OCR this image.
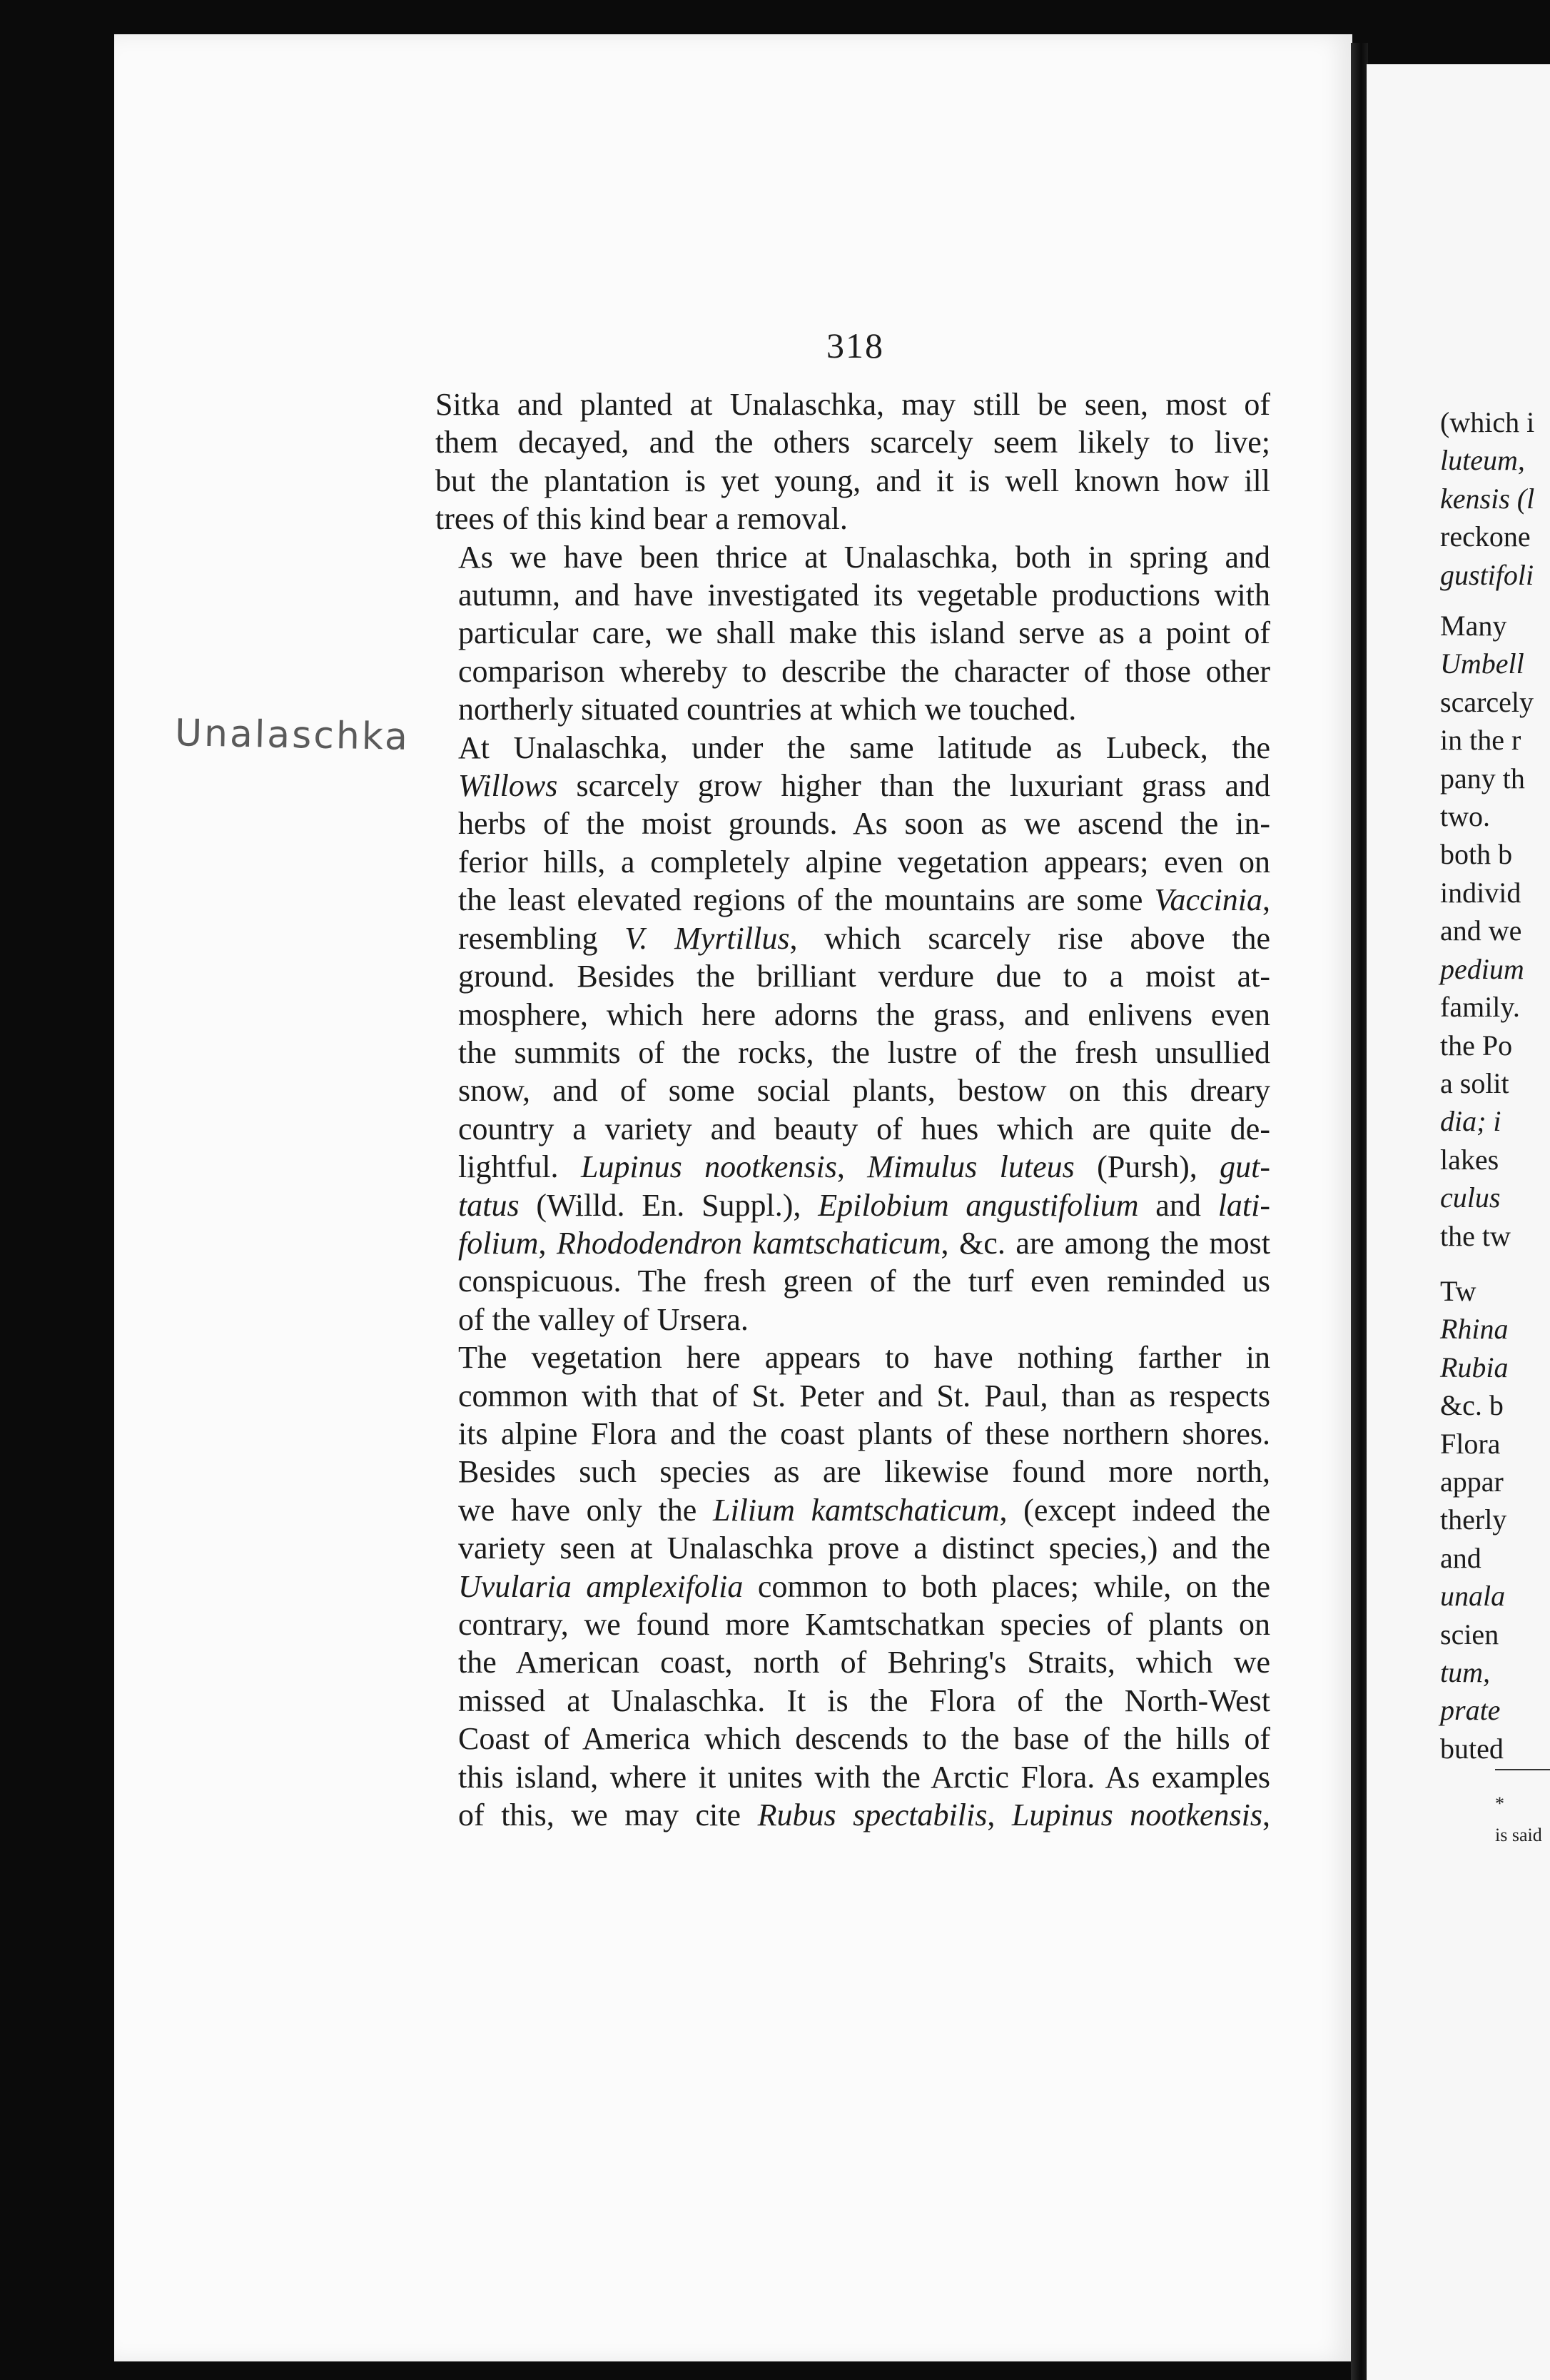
318
Unalaschka

Sitka and planted at Unalaschka, may still be seen, most of
them decayed, and the others scarcely seem likely to live;
but the plantation is yet young, and it is well known how ill
trees of this kind bear a removal.

As we have been thrice at Unalaschka, both in spring and
autumn, and have investigated its vegetable productions with
particular care, we shall make this island serve as a point of
comparison whereby to describe the character of those other
northerly situated countries at which we touched.

At Unalaschka, under the same latitude as Lubeck, the
Willows scarcely grow higher than the luxuriant grass and
herbs of the moist grounds. As soon as we ascend the in-
ferior hills, a completely alpine vegetation appears; even on
the least elevated regions of the mountains are some Vaccinia,
resembling V. Myrtillus, which scarcely rise above the
ground. Besides the brilliant verdure due to a moist at-
mosphere, which here adorns the grass, and enlivens even
the summits of the rocks, the lustre of the fresh unsullied
snow, and of some social plants, bestow on this dreary
country a variety and beauty of hues which are quite de-
lightful. Lupinus nootkensis, Mimulus luteus (Pursh), gut-
tatus (Willd. En. Suppl.), Epilobium angustifolium and lati-
folium, Rhododendron kamtschaticum, &c. are among the most
conspicuous. The fresh green of the turf even reminded us
of the valley of Ursera.

The vegetation here appears to have nothing farther in
common with that of St. Peter and St. Paul, than as respects
its alpine Flora and the coast plants of these northern shores.
Besides such species as are likewise found more north,
we have only the Lilium kamtschaticum, (except indeed the
variety seen at Unalaschka prove a distinct species,) and the
Uvularia amplexifolia common to both places; while, on the
contrary, we found more Kamtschatkan species of plants on
the American coast, north of Behring's Straits, which we
missed at Unalaschka. It is the Flora of the North-West
Coast of America which descends to the base of the hills of
this island, where it unites with the Arctic Flora. As examples
of this, we may cite Rubus spectabilis, Lupinus nootkensis,

(which i
luteum,
kensis (l
reckone
gustifoli
Many
Umbell
scarcely
in the r
pany th
two.
both b
individ
and we
pedium
family.
the Po
a solit
dia; i
lakes
culus
the tw
Tw
Rhina
Rubia
&c. b
Flora
appar
therly
and
unala
scien
tum,
prate
buted
*
is said
